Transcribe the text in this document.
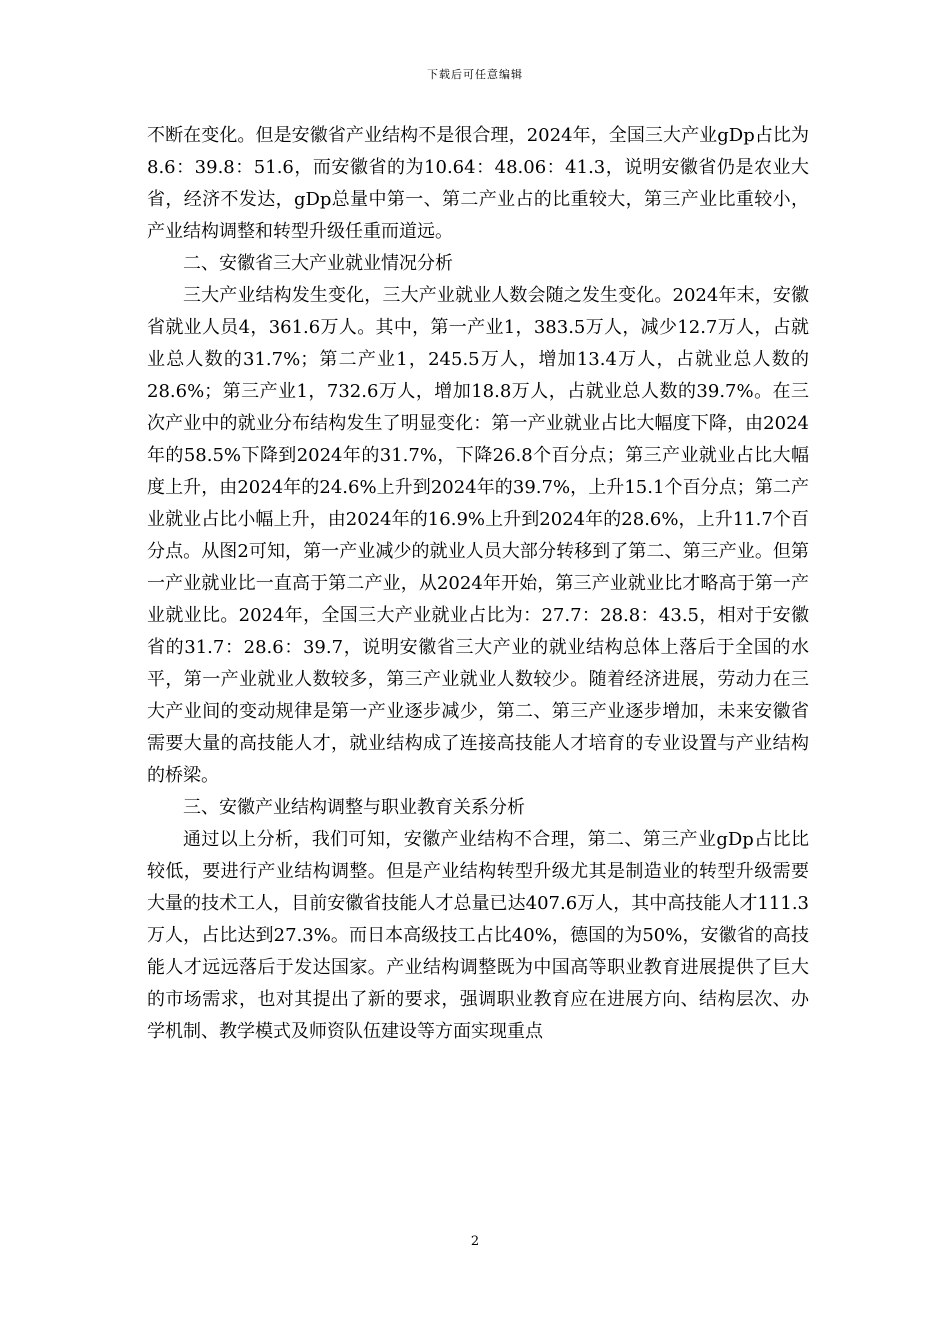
下载后可任意编辑

不断在变化。但是安徽省产业结构不是很合理，2024年，全国三大产业gDp占比为8.6：39.8：51.6，而安徽省的为10.64：48.06：41.3，说明安徽省仍是农业大省，经济不发达，gDp总量中第一、第二产业占的比重较大，第三产业比重较小，产业结构调整和转型升级任重而道远。

二、安徽省三大产业就业情况分析

三大产业结构发生变化，三大产业就业人数会随之发生变化。2024年末，安徽省就业人员4，361.6万人。其中，第一产业1，383.5万人，减少12.7万人，占就业总人数的31.7%；第二产业1，245.5万人，增加13.4万人，占就业总人数的28.6%；第三产业1，732.6万人，增加18.8万人，占就业总人数的39.7%。在三次产业中的就业分布结构发生了明显变化：第一产业就业占比大幅度下降，由2024年的58.5%下降到2024年的31.7%，下降26.8个百分点；第三产业就业占比大幅度上升，由2024年的24.6%上升到2024年的39.7%，上升15.1个百分点；第二产业就业占比小幅上升，由2024年的16.9%上升到2024年的28.6%，上升11.7个百分点。从图2可知，第一产业减少的就业人员大部分转移到了第二、第三产业。但第一产业就业比一直高于第二产业，从2024年开始，第三产业就业比才略高于第一产业就业比。2024年，全国三大产业就业占比为：27.7：28.8：43.5，相对于安徽省的31.7：28.6：39.7，说明安徽省三大产业的就业结构总体上落后于全国的水平，第一产业就业人数较多，第三产业就业人数较少。随着经济进展，劳动力在三大产业间的变动规律是第一产业逐步减少，第二、第三产业逐步增加，未来安徽省需要大量的高技能人才，就业结构成了连接高技能人才培育的专业设置与产业结构的桥梁。

三、安徽产业结构调整与职业教育关系分析

通过以上分析，我们可知，安徽产业结构不合理，第二、第三产业gDp占比比较低，要进行产业结构调整。但是产业结构转型升级尤其是制造业的转型升级需要大量的技术工人，目前安徽省技能人才总量已达407.6万人，其中高技能人才111.3万人，占比达到27.3%。而日本高级技工占比40%，德国的为50%，安徽省的高技能人才远远落后于发达国家。产业结构调整既为中国高等职业教育进展提供了巨大的市场需求，也对其提出了新的要求，强调职业教育应在进展方向、结构层次、办学机制、教学模式及师资队伍建设等方面实现重点

2
